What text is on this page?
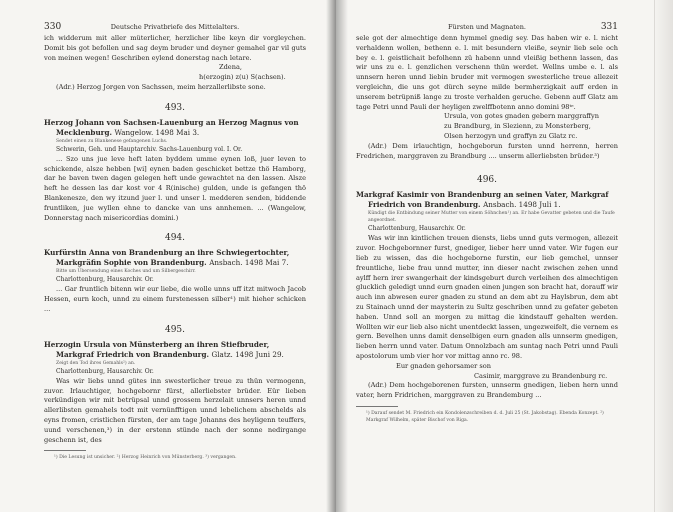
330	Deutsche Privatbriefe des Mittelalters.

ich widderum mit aller müterlicher, herzlicher libe keyn dir vorgleychen. Domit bis got befollen und sag deym bruder und deyner gemahel gar vil guts von meinen wegen! Geschriben eylend donerstag nach letare.

Zdena,
h(erzogin) z(u) S(achsen).

(Adr.) Herzog Jorgen von Sachssen, meim herzallerlibste sone.

493.
Herzog Johann von Sachsen-Lauenburg an Herzog Magnus von Mecklenburg. Wangelow. 1498 Mai 3.
Sendet einen zu Blankenese gefangenen Luchs.
Schwerin, Geh. und Hauptarchiv. Sachs-Lauenburg vol. I. Or.

... Szo uns jue leve heft laten byddem umme eynen loß, juer leven to schickende, alsze hebben [wi] eynen baden geschicket bettze thö Hamborg, dar he baven twen dagen gelegen heft unde gewachtet na den lassen. Alsze heft he dessen las dar kost vor 4 R(inische) gulden, unde is gefangen thö Blankenesze, den wy itzund juer l. und unser l. medderen senden, biddende fruntliken, jue wyllen ehne to dancke van uns annhemen. ... (Wangelow, Donnerstag nach misericordias domini.)

494.
Kurfürstin Anna von Brandenburg an ihre Schwiegertochter, Markgräfin Sophie von Brandenburg. Ansbach. 1498 Mai 7.
Bitte um Übersendung eines Koches und um Silbergeschirr.
Charlottenburg, Hausarchiv. Or.

... Gar fruntlich bitenn wir eur liebe, die wolle unns uff itzt mitwoch Jacob Hessen, eurn koch, unnd zu einem furstenessen silber¹) mit hieher schicken ...

495.
Herzogin Ursula von Münsterberg an ihren Stiefbruder, Markgraf Friedrich von Brandenburg. Glatz. 1498 Juni 29.
Zeigt den Tod ihres Gemahls²) an.
Charlottenburg, Hausarchiv. Or.

Was wir liebs unnd gütes inn swesterlicher treue zu thün vermogenn, zuvor. Irlauchtiger, hochgebornr fürst, allerliebster brüder. Eür lieben verkündigen wir mit betrüpsal unnd grossem herzelait unnsers heren unnd allerlibsten gemahels todt mit vernünfftigen unnd lebelichem abschelds als eyns fromen, cristlichen fürsten, der am tage Johanns des heyligenn teuffers, uund verschenen,³) in der erstenn stünde nach der sonne nedirgange geschenn ist, des

¹) Die Lesung ist unsicher. ²) Herzog Heinrich von Münsterberg. ³) vergangen.
Fürsten und Magnaten.	331

sele got der almechtige denn hymmel gnedig sey. Das haben wir e. l. nicht verhaldenn wollen, bethenn e. l. mit besundern vleiße, seynir lieb sele och bey e. l. geistlichait befolhenn zü habenn unnd vleißig bethenn lassen, das wir uns zu e. l. genzlichen verschenn thün werdet. Wellns umbe e. l. als unnsern heren unnd liebin bruder mit vermogen swesterliche treue allezeit vergleichn, die uns got dürch seyne milde bermherzigkait auff erden in unserem betrüpniß lange zu troste verhalden geruche. Gebenn auff Glatz am tage Petri unnd Pauli der heyligen zwelffbotenn anno domini 98ᵗᵉ.

Ursula, von gotes gnaden gebern marggraffyn
zu Brandburg, in Slezienn, zu Monsterberg,
Olsen herzogyn und graffyn zu Glatz rc.

(Adr.) Dem irlauchtign, hochgeborun fursten unnd herrenn, herren Fredrichen, marggraven zu Brandburg .... unserm allerliebsten brüder.³)

496.
Markgraf Kasimir von Brandenburg an seinen Vater, Markgraf Friedrich von Brandenburg. Ansbach. 1498 Juli 1.
Kündigt die Entbindung seiner Mutter von einem Söhnchen¹) an. Er habe Gevatter gebeten und die Taufe angeordnet.
Charlottenburg, Hausarchiv. Or.

Was wir inn kintlichen treuen diensts, liebs unnd guts vermogen, allezeit zuvor. Hochgebornner furst, gnediger, lieber herr unnd vater. Wir fugen eur lieb zu wissen, das die hochgeborne furstin, eur lieb gemchel, unnser freuntliche, liebe frau unnd mutter, inn dieser nacht zwischen zehen unnd aylff hern irer swangerhait der kindsgeburt durch verleihen des almechtigen glucklich geledigt unnd eurn gnaden einen jungen son bracht hat, dorauff wir auch inn abwesen eurer gnaden zu stund an dem abt zu Haylsbrun, dem abt zu Stainach unnd der maysterin zu Sultz geschriben unnd zu gefater gebeten haben. Unnd soll an morgen zu mittag die kindstauff gehalten werden. Wollten wir eur lieb also nicht unentdeckt lassen, ungezweifelt, die vernem es gern. Bevelhen unns damit denselbigen eurn gnaden alls unnserm gnedigen, lieben herrn unnd vater. Datum Onnolzbach am suntag nach Petri unnd Pauli apostolorum umb vier hor vor mittag anno rc. 98.

Eur gnaden gehorsamer son
Casimir, marggrave zu Brandenburg rc.

(Adr.) Dem hochgeborenen fursten, unnserm gnedigen, lieben hern unnd vater, hern Fridrichen, marggraven zu Brandemburg ...

¹) Darauf sendet M. Friedrich ein Kondolenzschreiben d. d. Juli 25 (St. Jakobstag). Ebenda Konzept. ²) Markgraf Wilhelm, später Bischof von Riga.
